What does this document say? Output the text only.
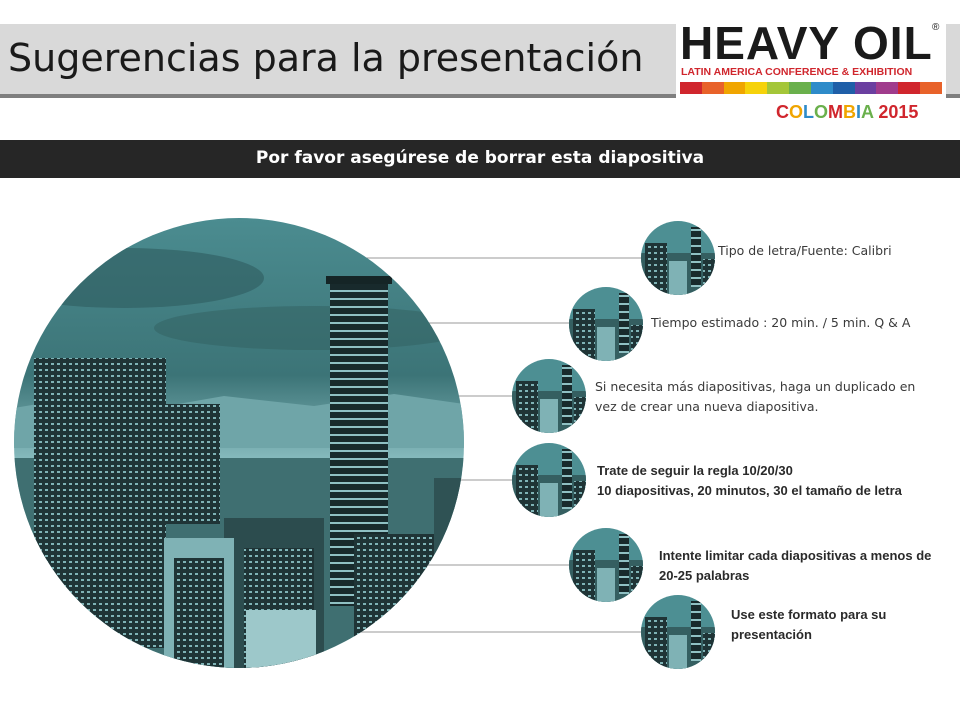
Sugerencias para la presentación HEAVY OIL ®
LATIN AMERICA CONFERENCE & EXHIBITION
COLOMBIA 2015
Por favor asegúrese de borrar esta diapositiva
Tipo de letra/Fuente: Calibri
Tiempo estimado : 20 min. / 5 min. Q & A
Si necesita más diapositivas, haga un duplicado en
vez de crear una nueva diapositiva.
Trate de seguir la regla 10/20/30
10 diapositivas, 20 minutos, 30 el tamaño de letra
Intente limitar cada diapositivas a menos de
20-25 palabras
Use este formato para su
presentación
